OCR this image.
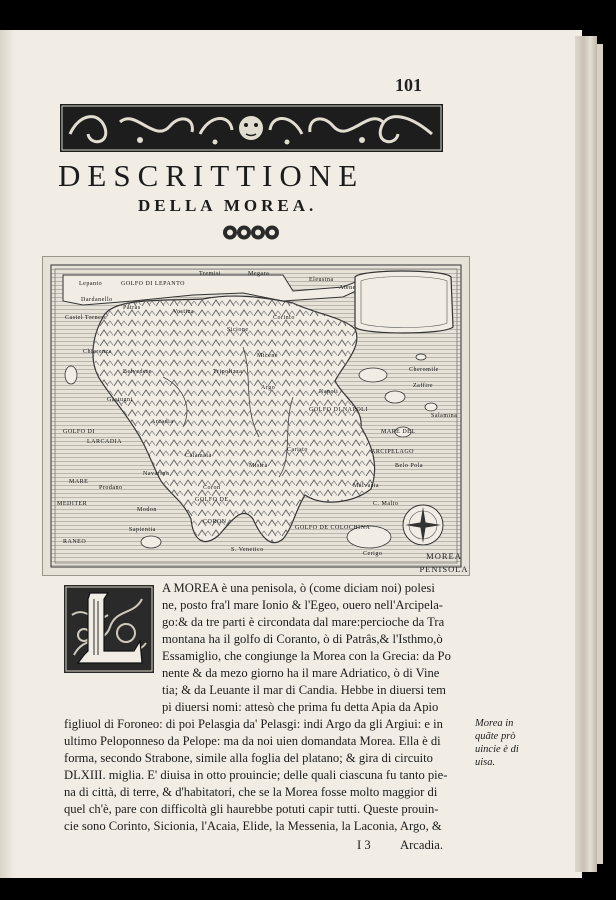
101
DESCRITTIONE
DELLA MOREA.
MOREA
PENISOLA
GOLFO DI LEPANTO
Lepanto
Tremisi	Megara
Eleusina
Atene
Castel Tornese
Dardanello
Patras
Vostiza
Corinto
Argo
Napoli
GOLFO DI NAPOLI
MARE DEL
ARCIPELAGO
GOLFO DI
LARCADIA
MARE
MEDITER
RANEO
GOLFO DE
CORON
GOLFO DE COLOCHINA
Modon
Coron
Sapientia
Malvasia
Cerigo
S. Venetico
Belo Pola
Salamina
Zaffire
Cheromile
Prodano
Chiarenza
C. Malio
Mistra
Tripolizza
Calamata
Gastugni
Belvedere
Arcadia
Navarino
Caristo
Micene
Sicione
A MOREA è una penisola, ò (come diciam noi) polesi
ne, posto fra'l mare Ionio & l'Egeo, ouero nell'Arcipela-
go:& da tre parti è circondata dal mare:percioche da Tra
montana ha il golfo di Coranto, ò di Patrâs,& l'Isthmo,ò
Essamiglio, che congiunge la Morea con la Grecia: da Po
nente & da mezo giorno ha il mare Adriatico, ò di Vine
tia; & da Leuante il mar di Candia. Hebbe in diuersi tem
pi diuersi nomi: attesò che prima fu detta Apia da Apio
figliuol di Foroneo: di poi Pelasgia da' Pelasgi: indi Argo da gli Argiui: e in
ultimo Peloponneso da Pelope: ma da noi uien domandata Morea. Ella è di
forma, secondo Strabone, simile alla foglia del platano; & gira di circuito
DLXIII. miglia. E' diuisa in otto prouincie; delle quali ciascuna fu tanto pie-
na di città, di terre, & d'habitatori, che se la Morea fosse molto maggior di
quel ch'è, pare con difficoltà gli haurebbe potuti capir tutti. Queste prouin-
cie sono Corinto, Sicionia, l'Acaia, Elide, la Messenia, la Laconia, Argo, &
Morea in
quãte prò
uincie è di
uisa.
I 3 Arcadia.
